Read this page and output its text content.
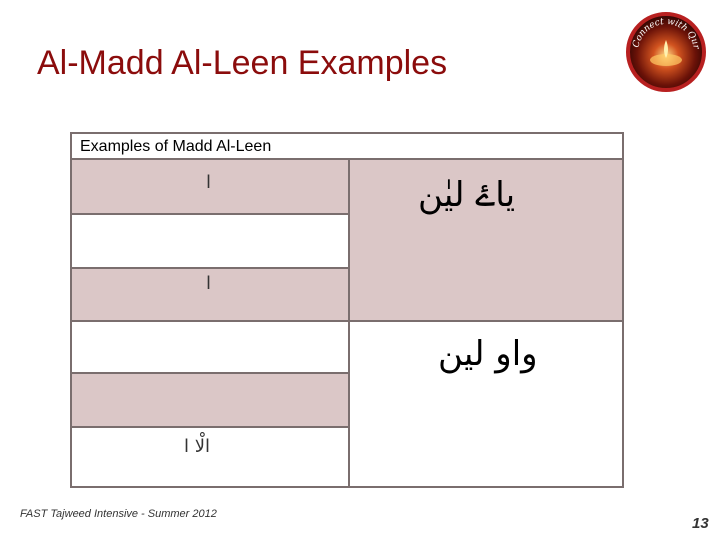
Al-Madd Al-Leen Examples	Connect with Qur
Examples of Madd Al-Leen
ا
ا
الْا ا
یاۓ لیٰن
واو لین
FAST Tajweed Intensive - Summer 2012
13
